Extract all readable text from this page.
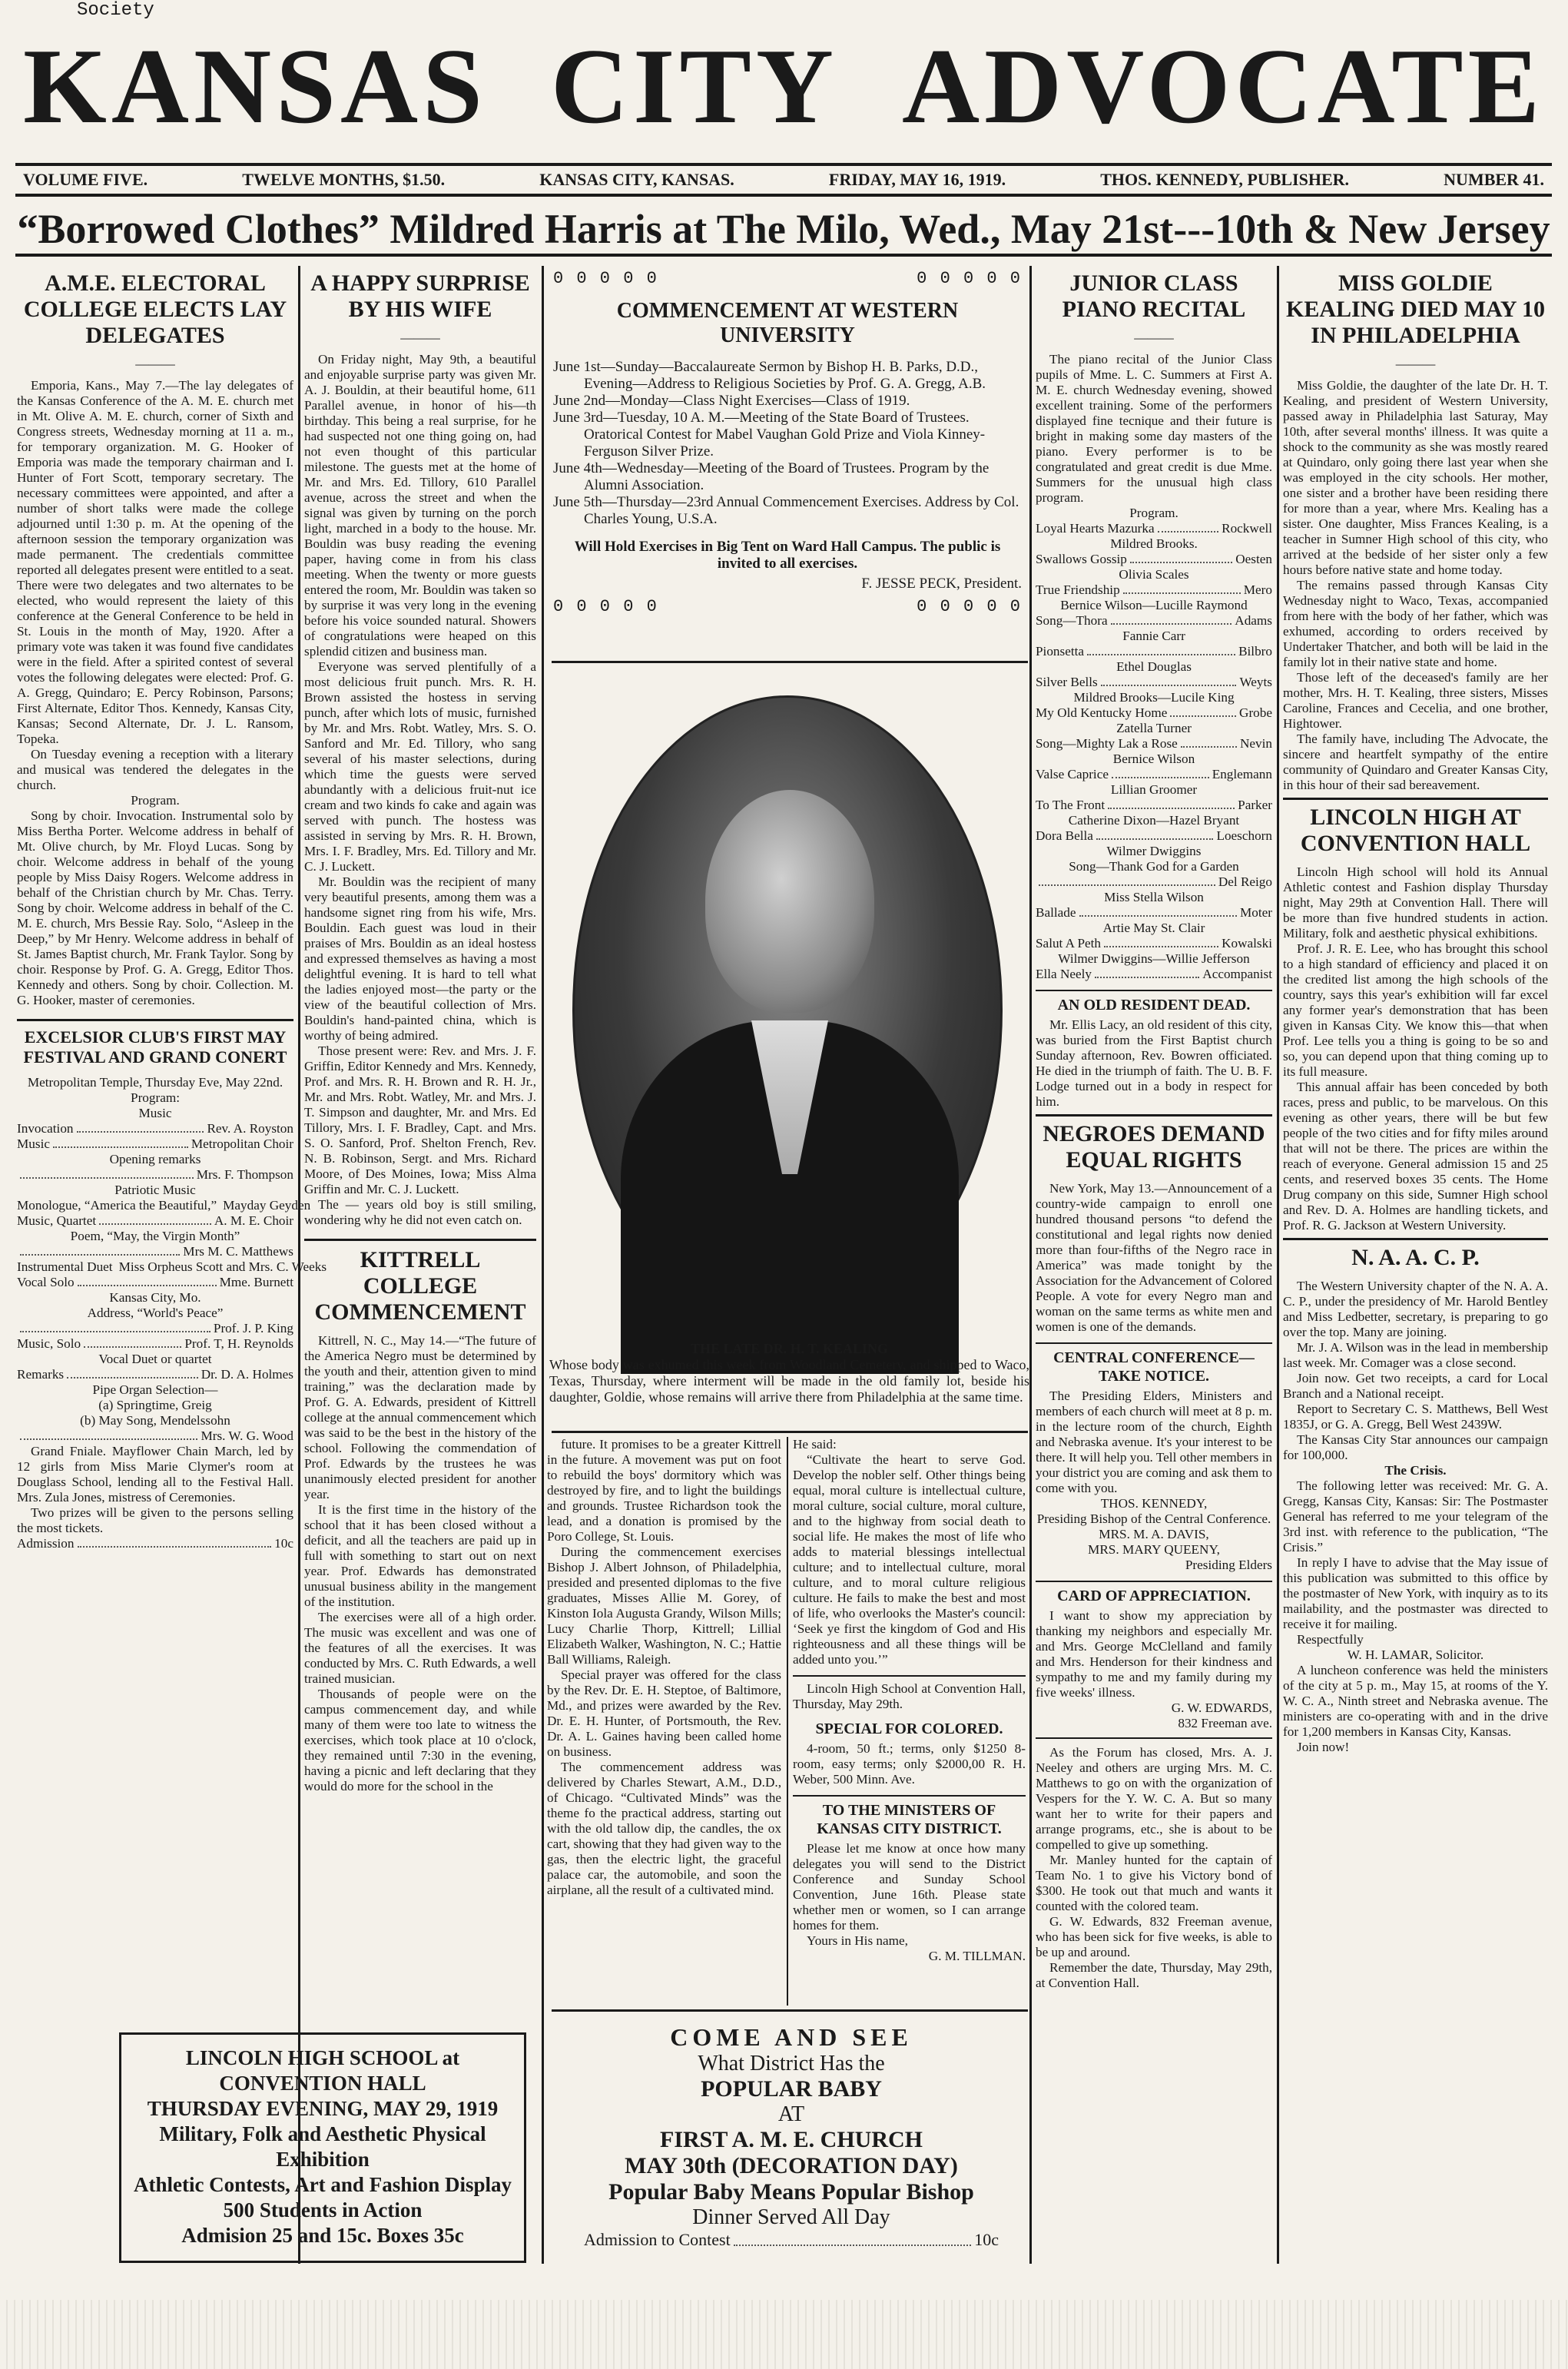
Society
KANSAS CITY ADVOCATE
VOLUME FIVE.	TWELVE MONTHS, $1.50.	KANSAS CITY, KANSAS.	FRIDAY, MAY 16, 1919.	THOS. KENNEDY, PUBLISHER.	NUMBER 41.
“Borrowed Clothes” Mildred Harris at The Milo, Wed., May 21st---10th & New Jersey
A.M.E. ELECTORAL COLLEGE ELECTS LAY DELEGATES
———

Emporia, Kans., May 7.—The lay delegates of the Kansas Conference of the A. M. E. church met in Mt. Olive A. M. E. church, corner of Sixth and Congress streets, Wednesday morning at 11 a. m., for temporary organization. M. G. Hooker of Emporia was made the temporary chairman and I. Hunter of Fort Scott, temporary secretary. The necessary committees were appointed, and after a number of short talks were made the college adjourned until 1:30 p. m. At the opening of the afternoon session the temporary organization was made permanent. The credentials committee reported all delegates present were entitled to a seat. There were two delegates and two alternates to be elected, who would represent the laiety of this conference at the General Conference to be held in St. Louis in the month of May, 1920. After a primary vote was taken it was found five candidates were in the field. After a spirited contest of several votes the following delegates were elected: Prof. G. A. Gregg, Quindaro; E. Percy Robinson, Parsons; First Alternate, Editor Thos. Kennedy, Kansas City, Kansas; Second Alternate, Dr. J. L. Ransom, Topeka.

On Tuesday evening a reception with a literary and musical was tendered the delegates in the church.

Program.

Song by choir. Invocation. Instrumental solo by Miss Bertha Porter. Welcome address in behalf of Mt. Olive church, by Mr. Floyd Lucas. Song by choir. Welcome address in behalf of the young people by Miss Daisy Rogers. Welcome address in behalf of the Christian church by Mr. Chas. Terry. Song by choir. Welcome address in behalf of the C. M. E. church, Mrs Bessie Ray. Solo, “Asleep in the Deep,” by Mr Henry. Welcome address in behalf of St. James Baptist church, Mr. Frank Taylor. Song by choir. Response by Prof. G. A. Gregg, Editor Thos. Kennedy and others. Song by choir. Collection. M. G. Hooker, master of ceremonies.

EXCELSIOR CLUB'S FIRST MAY FESTIVAL AND GRAND CONERT

Metropolitan Temple, Thursday Eve, May 22nd.

Program:

Music
Invocation	Rev. A. Royston
Music	Metropolitan Choir
Opening remarks
Mrs. F. Thompson
Patriotic Music
Monologue, “America the Beautiful,” Mayday Geyden
Music, Quartet	A. M. E. Choir
Poem, “May, the Virgin Month”
Mrs M. C. Matthews
Instrumental Duet Miss Orpheus Scott and Mrs. C. Weeks
Vocal Solo	Mme. Burnett
Kansas City, Mo.
Address, “World's Peace”
Prof. J. P. King
Music, Solo	Prof. T, H. Reynolds
Vocal Duet or quartet
Remarks	Dr. D. A. Holmes
Pipe Organ Selection—
(a) Springtime, Greig
(b) May Song, Mendelssohn
Mrs. W. G. Wood

Grand Fniale. Mayflower Chain March, led by 12 girls from Miss Marie Clymer's room at Douglass School, lending all to the Festival Hall. Mrs. Zula Jones, mistress of Ceremonies.

Two prizes will be given to the persons selling the most tickets.

Admission	10c
A HAPPY SURPRISE BY HIS WIFE
———

On Friday night, May 9th, a beautiful and enjoyable surprise party was given Mr. A. J. Bouldin, at their beautiful home, 611 Parallel avenue, in honor of his—th birthday. This being a real surprise, for he had suspected not one thing going on, had not even thought of this particular milestone. The guests met at the home of Mr. and Mrs. Ed. Tillory, 610 Parallel avenue, across the street and when the signal was given by turning on the porch light, marched in a body to the house. Mr. Bouldin was busy reading the evening paper, having come in from his class meeting. When the twenty or more guests entered the room, Mr. Bouldin was taken so by surprise it was very long in the evening before his voice sounded natural. Showers of congratulations were heaped on this splendid citizen and business man.

Everyone was served plentifully of a most delicious fruit punch. Mrs. R. H. Brown assisted the hostess in serving punch, after which lots of music, furnished by Mr. and Mrs. Robt. Watley, Mrs. S. O. Sanford and Mr. Ed. Tillory, who sang several of his master selections, during which time the guests were served abundantly with a delicious fruit-nut ice cream and two kinds fo cake and again was served with punch. The hostess was assisted in serving by Mrs. R. H. Brown, Mrs. I. F. Bradley, Mrs. Ed. Tillory and Mr. C. J. Luckett.

Mr. Bouldin was the recipient of many very beautiful presents, among them was a handsome signet ring from his wife, Mrs. Bouldin. Each guest was loud in their praises of Mrs. Bouldin as an ideal hostess and expressed themselves as having a most delightful evening. It is hard to tell what the ladies enjoyed most—the party or the view of the beautiful collection of Mrs. Bouldin's hand-painted china, which is worthy of being admired.

Those present were: Rev. and Mrs. J. F. Griffin, Editor Kennedy and Mrs. Kennedy, Prof. and Mrs. R. H. Brown and R. H. Jr., Mr. and Mrs. Robt. Watley, Mr. and Mrs. J. T. Simpson and daughter, Mr. and Mrs. Ed Tillory, Mrs. I. F. Bradley, Capt. and Mrs. S. O. Sanford, Prof. Shelton French, Rev. N. B. Robinson, Sergt. and Mrs. Richard Moore, of Des Moines, Iowa; Miss Alma Griffin and Mr. C. J. Luckett.

The — years old boy is still smiling, wondering why he did not even catch on.

KITTRELL COLLEGE COMMENCEMENT

Kittrell, N. C., May 14.—“The future of the America Negro must be determined by the youth and their, attention given to mind training,” was the declaration made by Prof. G. A. Edwards, president of Kittrell college at the annual commencement which was said to be the best in the history of the school. Following the commendation of Prof. Edwards by the trustees he was unanimously elected president for another year.

It is the first time in the history of the school that it has been closed without a deficit, and all the teachers are paid up in full with something to start out on next year. Prof. Edwards has demonstrated unusual business ability in the mangement of the institution.

The exercises were all of a high order. The music was excellent and was one of the features of all the exercises. It was conducted by Mrs. C. Ruth Edwards, a well trained musician.

Thousands of people were on the campus commencement day, and while many of them were too late to witness the exercises, which took place at 10 o'clock, they remained until 7:30 in the evening, having a picnic and left declaring that they would do more for the school in the

0 0 0 0 0	0 0 0 0 0
COMMENCEMENT AT WESTERN UNIVERSITY
June 1st—Sunday—Baccalaureate Sermon by Bishop H. B. Parks, D.D., Evening—Address to Religious Societies by Prof. G. A. Gregg, A.B.
June 2nd—Monday—Class Night Exercises—Class of 1919.
June 3rd—Tuesday, 10 A. M.—Meeting of the State Board of Trustees. Oratorical Contest for Mabel Vaughan Gold Prize and Viola Kinney-Ferguson Silver Prize.
June 4th—Wednesday—Meeting of the Board of Trustees. Program by the Alumni Association.
June 5th—Thursday—23rd Annual Commencement Exercises. Address by Col. Charles Young, U.S.A.
Will Hold Exercises in Big Tent on Ward Hall Campus. The public is invited to all exercises.
F. JESSE PECK, President.
0 0 0 0 0	0 0 0 0 0
THE LATE DR. H. T. KEALING
Whose body was exhumed this week from Woodland Cemetery, and shipped to Waco, Texas, Thursday, where interment will be made in the old family lot, beside his daughter, Goldie, whose remains will arrive there from Philadelphia at the same time.

future. It promises to be a greater Kittrell in the future. A movement was put on foot to rebuild the boys' dormitory which was destroyed by fire, and to light the buildings and grounds. Trustee Richardson took the lead, and a donation is promised by the Poro College, St. Louis.

During the commencement exercises Bishop J. Albert Johnson, of Philadelphia, presided and presented diplomas to the five graduates, Misses Allie M. Gorey, of Kinston Iola Augusta Grandy, Wilson Mills; Lucy Charlie Thorp, Kittrell; Lillial Elizabeth Walker, Washington, N. C.; Hattie Ball Williams, Raleigh.

Special prayer was offered for the class by the Rev. Dr. E. H. Steptoe, of Baltimore, Md., and prizes were awarded by the Rev. Dr. E. H. Hunter, of Portsmouth, the Rev. Dr. A. L. Gaines having been called home on business.

The commencement address was delivered by Charles Stewart, A.M., D.D., of Chicago. “Cultivated Minds” was the theme fo the practical address, starting out with the old tallow dip, the candles, the ox cart, showing that they had given way to the gas, then the electric light, the graceful palace car, the automobile, and soon the airplane, all the result of a cultivated mind.

He said:

“Cultivate the heart to serve God. Develop the nobler self. Other things being equal, moral culture is intellectual culture, moral culture, social culture, moral culture, and to the highway from social death to social life. He makes the most of life who adds to material blessings intellectual culture; and to intellectual culture, moral culture, and to moral culture religious culture. He fails to make the best and most of life, who overlooks the Master's council: ‘Seek ye first the kingdom of God and His righteousness and all these things will be added unto you.’”

Lincoln High School at Convention Hall, Thursday, May 29th.

SPECIAL FOR COLORED.

4-room, 50 ft.; terms, only $1250 8-room, easy terms; only $2000,00 R. H. Weber, 500 Minn. Ave.

TO THE MINISTERS OF KANSAS CITY DISTRICT.

Please let me know at once how many delegates you will send to the District Conference and Sunday School Convention, June 16th. Please state whether men or women, so I can arrange homes for them.

Yours in His name,

G. M. TILLMAN.

COME AND SEE
What District Has the
POPULAR BABY
AT
FIRST A. M. E. CHURCH
MAY 30th (DECORATION DAY)
Popular Baby Means Popular Bishop
Dinner Served All Day
Admission to Contest	10c
LINCOLN HIGH SCHOOL at
CONVENTION HALL
THURSDAY EVENING, MAY 29, 1919
Military, Folk and Aesthetic Physical
Exhibition
Athletic Contests, Art and Fashion Display
500 Students in Action
Admision 25 and 15c. Boxes 35c
JUNIOR CLASS PIANO RECITAL
———

The piano recital of the Junior Class pupils of Mme. L. C. Summers at First A. M. E. church Wednesday evening, showed excellent training. Some of the performers displayed fine tecnique and their future is bright in making some day masters of the piano. Every performer is to be congratulated and great credit is due Mme. Summers for the unusual high class program.

Program.

Loyal Hearts Mazurka	Rockwell
Mildred Brooks.
Swallows Gossip	Oesten
Olivia Scales
True Friendship	Mero
Bernice Wilson—Lucille Raymond
Song—Thora	Adams
Fannie Carr
Pionsetta	Bilbro
Ethel Douglas
Silver Bells	Weyts
Mildred Brooks—Lucile King
My Old Kentucky Home	Grobe
Zatella Turner
Song—Mighty Lak a Rose	Nevin
Bernice Wilson
Valse Caprice	Englemann
Lillian Groomer
To The Front	Parker
Catherine Dixon—Hazel Bryant
Dora Bella	Loeschorn
Wilmer Dwiggins
Song—Thank God for a Garden
Del Reigo
Miss Stella Wilson
Ballade	Moter
Artie May St. Clair
Salut A Peth	Kowalski
Wilmer Dwiggins—Willie Jefferson
Ella Neely	Accompanist
AN OLD RESIDENT DEAD.

Mr. Ellis Lacy, an old resident of this city, was buried from the First Baptist church Sunday afternoon, Rev. Bowren officiated. He died in the triumph of faith. The U. B. F. Lodge turned out in a body in respect for him.

NEGROES DEMAND EQUAL RIGHTS

New York, May 13.—Announcement of a country-wide campaign to enroll one hundred thousand persons “to defend the constitutional and legal rights now denied more than four-fifths of the Negro race in America” was made tonight by the Association for the Advancement of Colored People. A vote for every Negro man and woman on the same terms as white men and women is one of the demands.

CENTRAL CONFERENCE—TAKE NOTICE.

The Presiding Elders, Ministers and members of each church will meet at 8 p. m. in the lecture room of the church, Eighth and Nebraska avenue. It's your interest to be there. It will help you. Tell other members in your district you are coming and ask them to come with you.

THOS. KENNEDY,

Presiding Bishop of the Central Conference.

MRS. M. A. DAVIS,

MRS. MARY QUEENY,

Presiding Elders

CARD OF APPRECIATION.

I want to show my appreciation by thanking my neighbors and especially Mr. and Mrs. George McClelland and family and Mrs. Henderson for their kindness and sympathy to me and my family during my five weeks' illness.

G. W. EDWARDS,

832 Freeman ave.

As the Forum has closed, Mrs. A. J. Neeley and others are urging Mrs. M. C. Matthews to go on with the organization of Vespers for the Y. W. C. A. But so many want her to write for their papers and arrange programs, etc., she is about to be compelled to give up something.

Mr. Manley hunted for the captain of Team No. 1 to give his Victory bond of $300. He took out that much and wants it counted with the colored team.

G. W. Edwards, 832 Freeman avenue, who has been sick for five weeks, is able to be up and around.

Remember the date, Thursday, May 29th, at Convention Hall.

MISS GOLDIE KEALING DIED MAY 10 IN PHILADELPHIA
———

Miss Goldie, the daughter of the late Dr. H. T. Kealing, and president of Western University, passed away in Philadelphia last Saturay, May 10th, after several months' illness. It was quite a shock to the community as she was mostly reared at Quindaro, only going there last year when she was employed in the city schools. Her mother, one sister and a brother have been residing there for more than a year, where Mrs. Kealing has a sister. One daughter, Miss Frances Kealing, is a teacher in Sumner High school of this city, who arrived at the bedside of her sister only a few hours before native state and home today.

The remains passed through Kansas City Wednesday night to Waco, Texas, accompanied from here with the body of her father, which was exhumed, according to orders received by Undertaker Thatcher, and both will be laid in the family lot in their native state and home.

Those left of the deceased's family are her mother, Mrs. H. T. Kealing, three sisters, Misses Caroline, Frances and Cecelia, and one brother, Hightower.

The family have, including The Advocate, the sincere and heartfelt sympathy of the entire community of Quindaro and Greater Kansas City, in this hour of their sad bereavement.

LINCOLN HIGH AT CONVENTION HALL

Lincoln High school will hold its Annual Athletic contest and Fashion display Thursday night, May 29th at Convention Hall. There will be more than five hundred students in action. Military, folk and aesthetic physical exhibitions.

Prof. J. R. E. Lee, who has brought this school to a high standard of efficiency and placed it on the credited list among the high schools of the country, says this year's exhibition will far excel any former year's demonstration that has been given in Kansas City. We know this—that when Prof. Lee tells you a thing is going to be so and so, you can depend upon that thing coming up to its full measure.

This annual affair has been conceded by both races, press and public, to be marvelous. On this evening as other years, there will be but few people of the two cities and for fifty miles around that will not be there. The prices are within the reach of everyone. General admission 15 and 25 cents, and reserved boxes 35 cents. The Home Drug company on this side, Sumner High school and Rev. D. A. Holmes are handling tickets, and Prof. R. G. Jackson at Western University.

N. A. A. C. P.

The Western University chapter of the N. A. A. C. P., under the presidency of Mr. Harold Bentley and Miss Ledbetter, secretary, is preparing to go over the top. Many are joining.

Mr. J. A. Wilson was in the lead in membership last week. Mr. Comager was a close second.

Join now. Get two receipts, a card for Local Branch and a National receipt.

Report to Secretary C. S. Matthews, Bell West 1835J, or G. A. Gregg, Bell West 2439W.

The Kansas City Star announces our campaign for 100,000.

The Crisis.

The following letter was received: Mr. G. A. Gregg, Kansas City, Kansas: Sir: The Postmaster General has referred to me your telegram of the 3rd inst. with reference to the publication, “The Crisis.”

In reply I have to advise that the May issue of this publication was submitted to this office by the postmaster of New York, with inquiry as to its mailability, and the postmaster was directed to receive it for mailing.

Respectfully

W. H. LAMAR, Solicitor.

A luncheon conference was held the ministers of the city at 5 p. m., May 15, at rooms of the Y. W. C. A., Ninth street and Nebraska avenue. The ministers are co-operating with and in the drive for 1,200 members in Kansas City, Kansas.

Join now!
